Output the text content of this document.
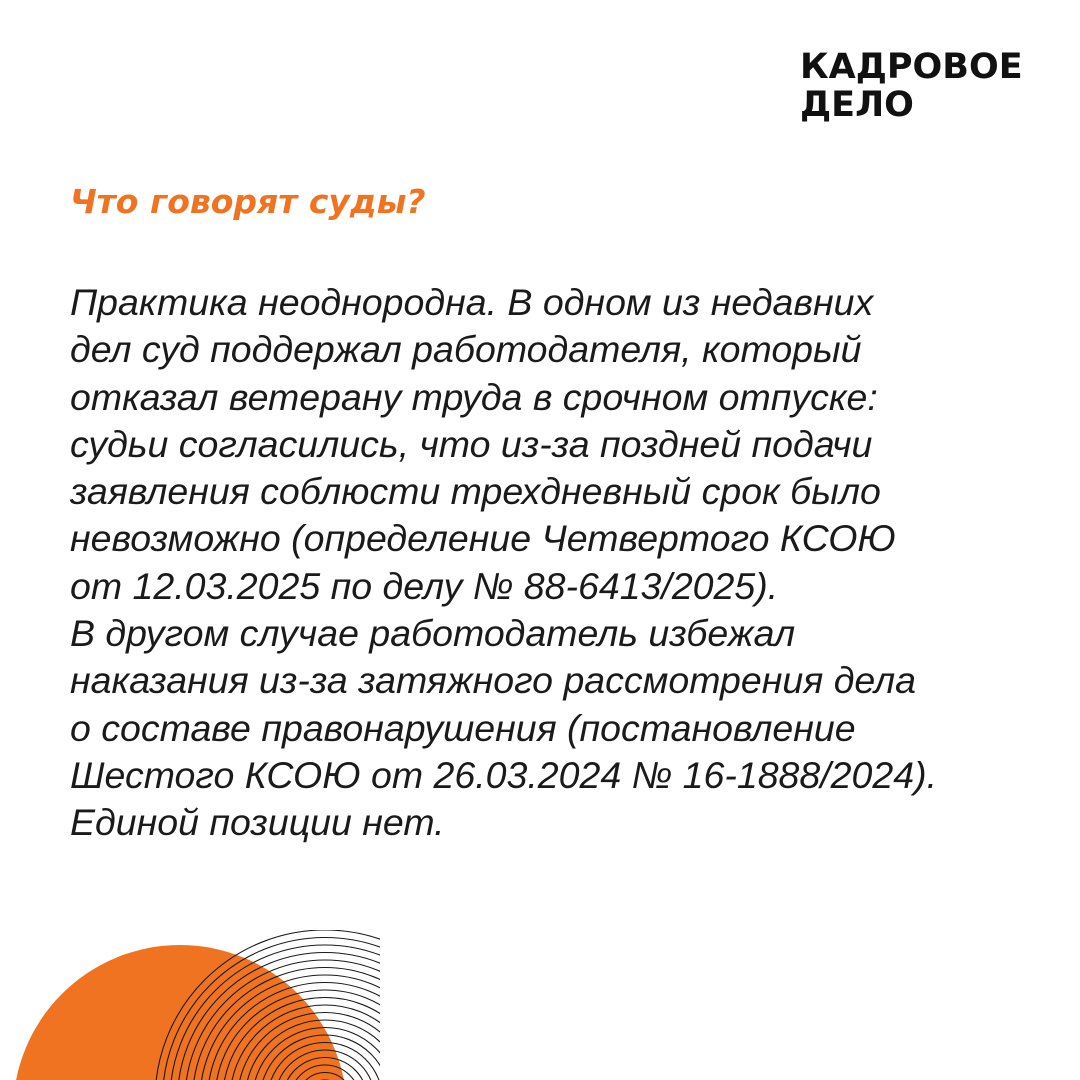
КАДРОВОЕ
ДЕЛО
Что говорят суды?
Практика неоднородна. В одном из недавних
дел суд поддержал работодателя, который
отказал ветерану труда в срочном отпуске:
судьи согласились, что из-за поздней подачи
заявления соблюсти трехдневный срок было
невозможно (определение Четвертого КСОЮ
от 12.03.2025 по делу № 88-6413/2025).
В другом случае работодатель избежал
наказания из-за затяжного рассмотрения дела
о составе правонарушения (постановление
Шестого КСОЮ от 26.03.2024 № 16-1888/2024).
Единой позиции нет.
